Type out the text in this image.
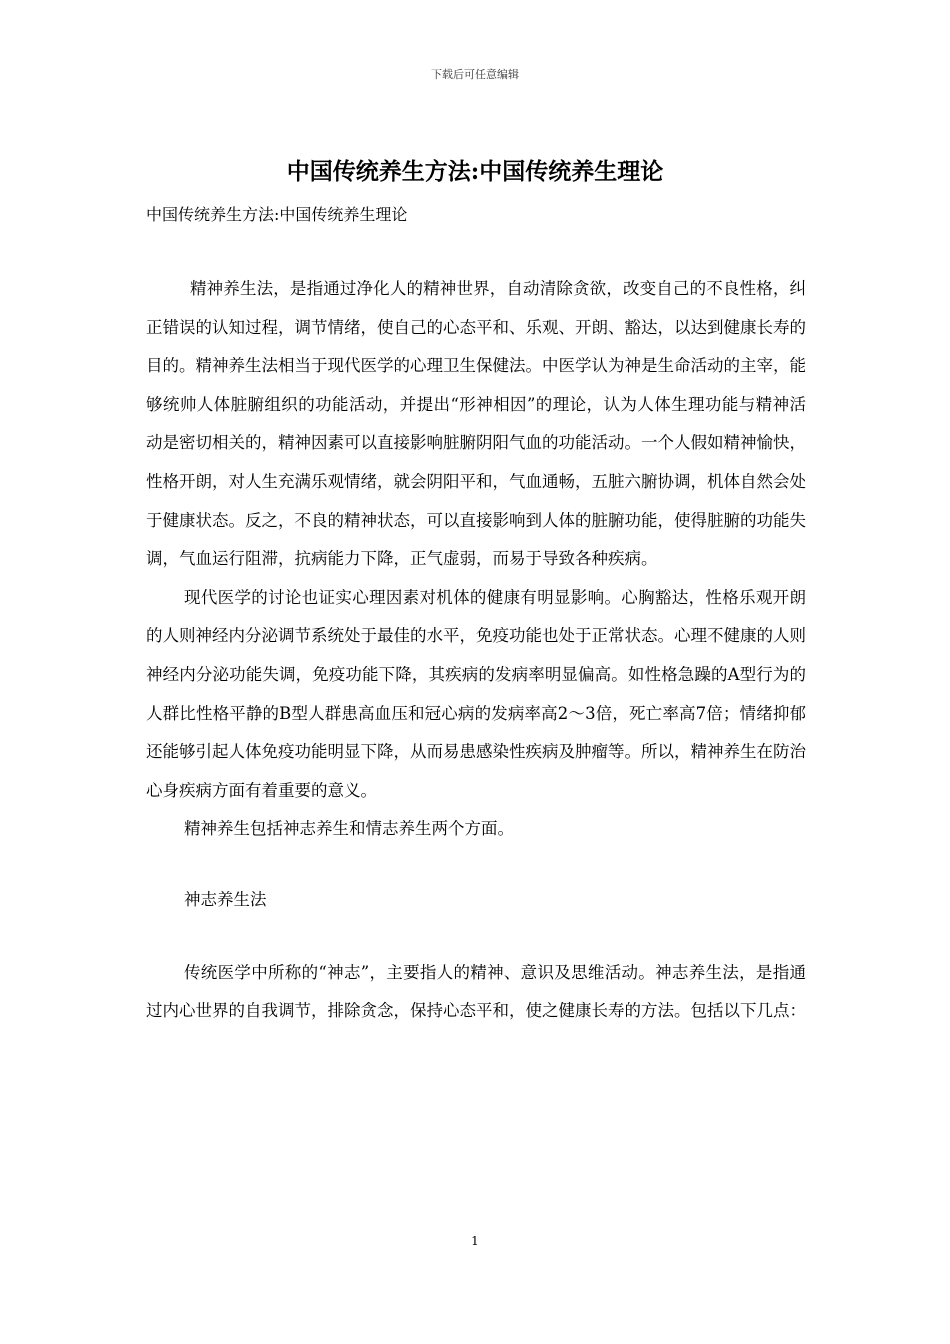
下载后可任意编辑
中国传统养生方法:中国传统养生理论
中国传统养生方法:中国传统养生理论

精神养生法，是指通过净化人的精神世界，自动清除贪欲，改变自己的不良性格，纠正错误的认知过程，调节情绪，使自己的心态平和、乐观、开朗、豁达，以达到健康长寿的目的。精神养生法相当于现代医学的心理卫生保健法。中医学认为神是生命活动的主宰，能够统帅人体脏腑组织的功能活动，并提出“形神相因”的理论，认为人体生理功能与精神活动是密切相关的，精神因素可以直接影响脏腑阴阳气血的功能活动。一个人假如精神愉快，性格开朗，对人生充满乐观情绪，就会阴阳平和，气血通畅，五脏六腑协调，机体自然会处于健康状态。反之，不良的精神状态，可以直接影响到人体的脏腑功能，使得脏腑的功能失调，气血运行阻滞，抗病能力下降，正气虚弱，而易于导致各种疾病。

现代医学的讨论也证实心理因素对机体的健康有明显影响。心胸豁达，性格乐观开朗的人则神经内分泌调节系统处于最佳的水平，免疫功能也处于正常状态。心理不健康的人则神经内分泌功能失调，免疫功能下降，其疾病的发病率明显偏高。如性格急躁的A型行为的人群比性格平静的B型人群患高血压和冠心病的发病率高2～3倍，死亡率高7倍；情绪抑郁还能够引起人体免疫功能明显下降，从而易患感染性疾病及肿瘤等。所以，精神养生在防治心身疾病方面有着重要的意义。

精神养生包括神志养生和情志养生两个方面。

神志养生法

传统医学中所称的“神志”，主要指人的精神、意识及思维活动。神志养生法，是指通过内心世界的自我调节，排除贪念，保持心态平和，使之健康长寿的方法。包括以下几点：

1
